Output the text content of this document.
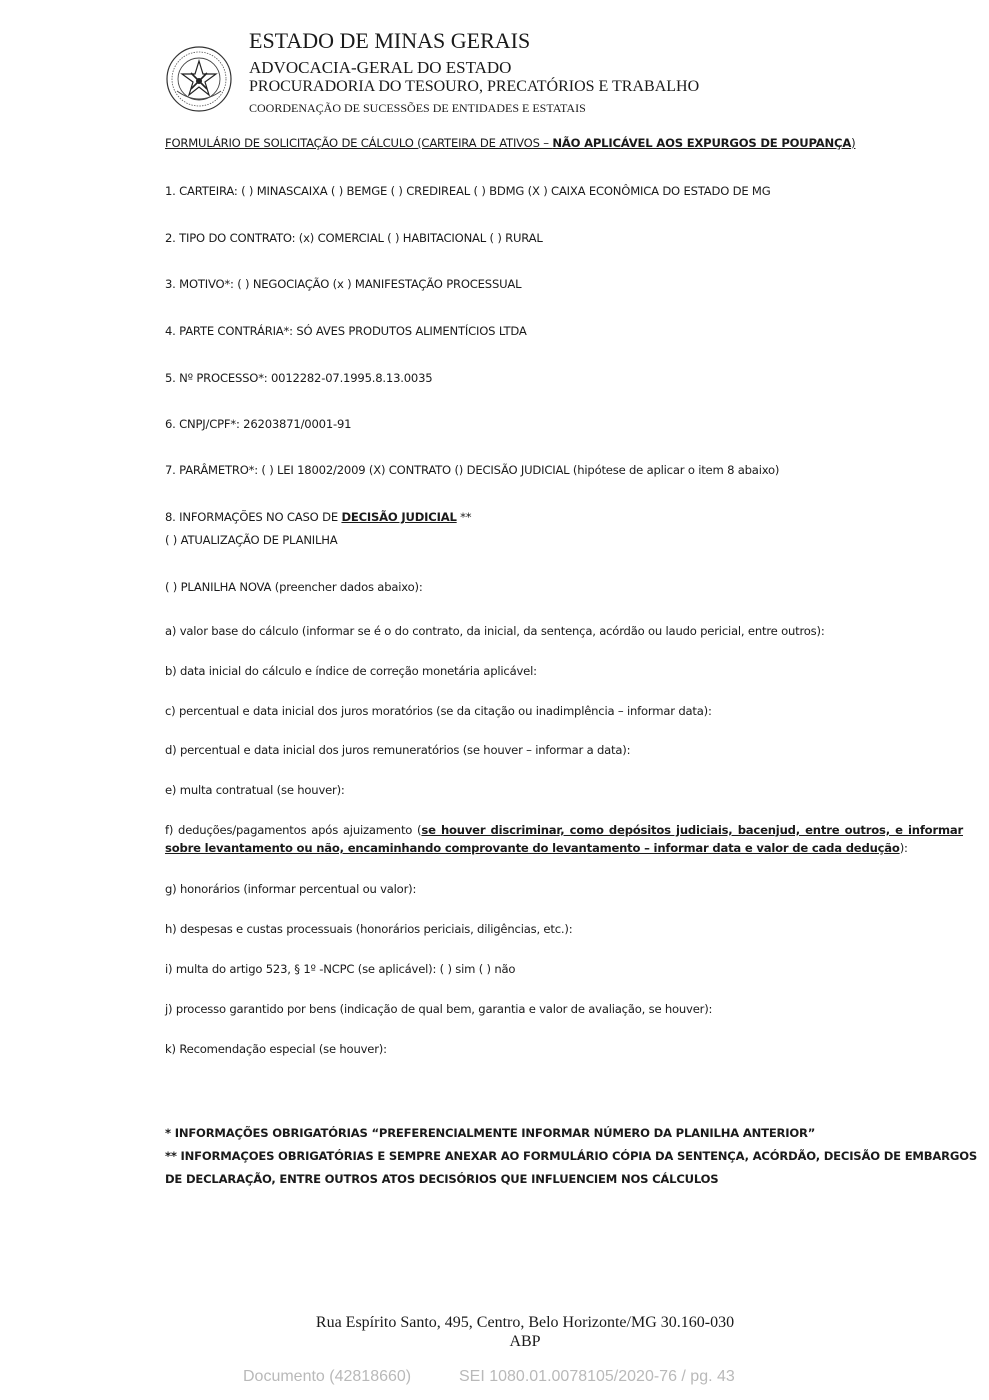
ESTADO DE MINAS GERAIS
ADVOCACIA-GERAL DO ESTADO
PROCURADORIA DO TESOURO, PRECATÓRIOS E TRABALHO
COORDENAÇÃO DE SUCESSÕES DE ENTIDADES E ESTATAIS
FORMULÁRIO DE SOLICITAÇÃO DE CÁLCULO (CARTEIRA DE ATIVOS – NÃO APLICÁVEL AOS EXPURGOS DE POUPANÇA)
1. CARTEIRA: ( ) MINASCAIXA ( ) BEMGE ( ) CREDIREAL ( ) BDMG (X ) CAIXA ECONÔMICA DO ESTADO DE MG
2. TIPO DO CONTRATO: (x) COMERCIAL ( ) HABITACIONAL ( ) RURAL
3. MOTIVO*: ( ) NEGOCIAÇÃO (x ) MANIFESTAÇÃO PROCESSUAL
4. PARTE CONTRÁRIA*: SÓ AVES PRODUTOS ALIMENTÍCIOS LTDA
5. Nº PROCESSO*: 0012282-07.1995.8.13.0035
6. CNPJ/CPF*: 26203871/0001-91
7. PARÂMETRO*: ( ) LEI 18002/2009 (X) CONTRATO () DECISÃO JUDICIAL (hipótese de aplicar o item 8 abaixo)
8. INFORMAÇÕES NO CASO DE DECISÃO JUDICIAL **
( ) ATUALIZAÇÃO DE PLANILHA
( ) PLANILHA NOVA (preencher dados abaixo):
a) valor base do cálculo (informar se é o do contrato, da inicial, da sentença, acórdão ou laudo pericial, entre outros):
b) data inicial do cálculo e índice de correção monetária aplicável:
c) percentual e data inicial dos juros moratórios (se da citação ou inadimplência – informar data):
d) percentual e data inicial dos juros remuneratórios (se houver – informar a data):
e) multa contratual (se houver):
f) deduções/pagamentos após ajuizamento (se houver discriminar, como depósitos judiciais, bacenjud, entre outros, e informar sobre levantamento ou não, encaminhando comprovante do levantamento – informar data e valor de cada dedução):
g) honorários (informar percentual ou valor):
h) despesas e custas processuais (honorários periciais, diligências, etc.):
i) multa do artigo 523, § 1º -NCPC (se aplicável): ( ) sim ( ) não
j) processo garantido por bens (indicação de qual bem, garantia e valor de avaliação, se houver):
k) Recomendação especial (se houver):
* INFORMAÇÕES OBRIGATÓRIAS “PREFERENCIALMENTE INFORMAR NÚMERO DA PLANILHA ANTERIOR”
** INFORMAÇOES OBRIGATÓRIAS E SEMPRE ANEXAR AO FORMULÁRIO CÓPIA DA SENTENÇA, ACÓRDÃO, DECISÃO DE EMBARGOS
DE DECLARAÇÃO, ENTRE OUTROS ATOS DECISÓRIOS QUE INFLUENCIEM NOS CÁLCULOS
Rua Espírito Santo, 495, Centro, Belo Horizonte/MG 30.160-030
ABP
Documento (42818660)	SEI 1080.01.0078105/2020-76 / pg. 43
